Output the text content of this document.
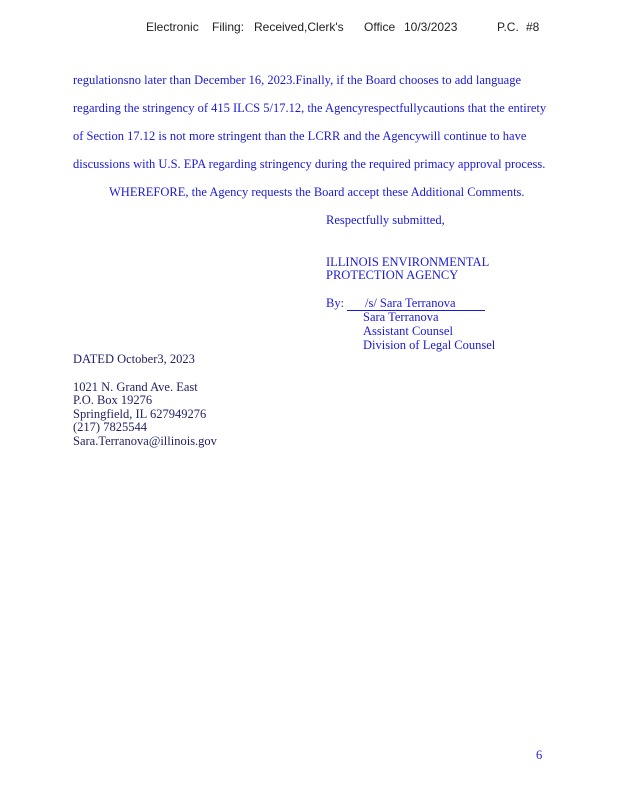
Electronic Filing: Received,Clerk's Office 10/3/2023	P.C. #8
regulationsno later than December 16, 2023.Finally, if the Board chooses to add language
regarding the stringency of 415 ILCS 5/17.12, the Agencyrespectfullycautions that the entirety
of Section 17.12 is not more stringent than the LCRR and the Agencywill continue to have
discussions with U.S. EPA regarding stringency during the required primacy approval process.
WHEREFORE, the Agency requests the Board accept these Additional Comments.
Respectfully submitted,
ILLINOIS ENVIRONMENTAL
PROTECTION AGENCY
By:	/s/ Sara Terranova
Sara Terranova
Assistant Counsel
Division of Legal Counsel
DATED October3, 2023
1021 N. Grand Ave. East
P.O. Box 19276
Springfield, IL 627949276
(217) 7825544
Sara.Terranova@illinois.gov
6
